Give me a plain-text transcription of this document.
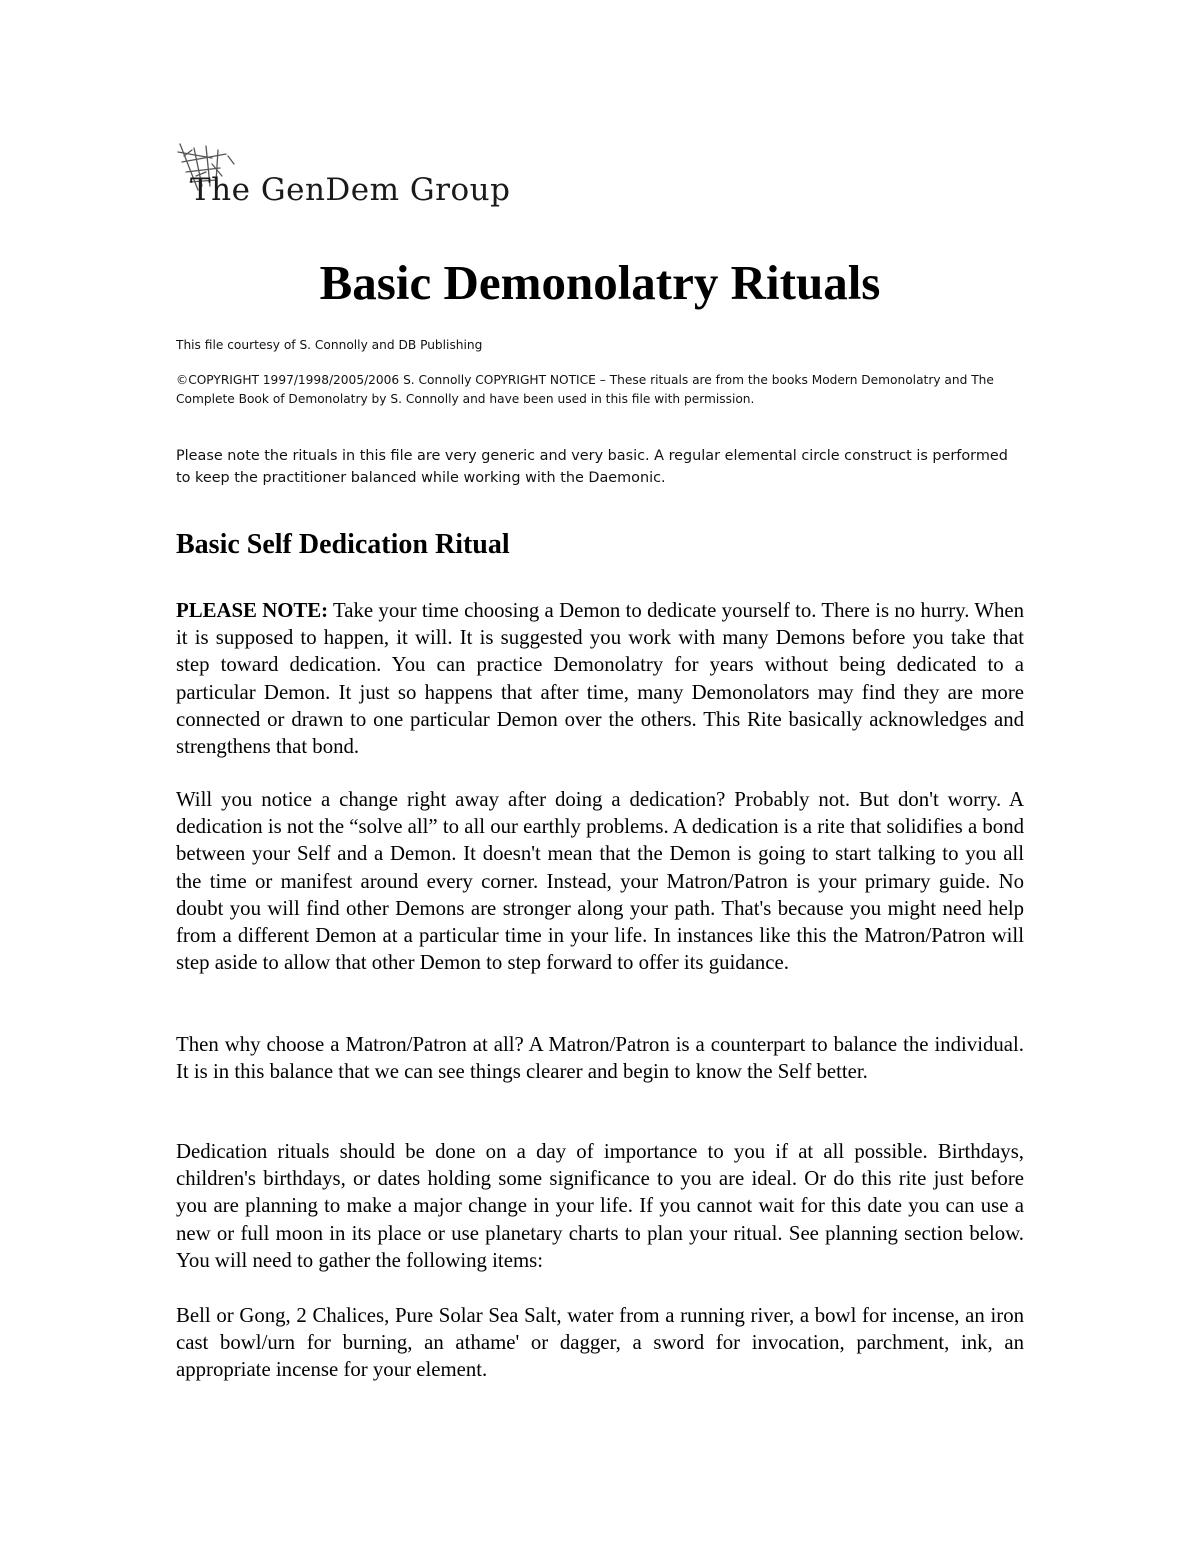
The GenDem Group
Basic Demonolatry Rituals

This file courtesy of S. Connolly and DB Publishing

©COPYRIGHT 1997/1998/2005/2006 S. Connolly COPYRIGHT NOTICE – These rituals are from the books Modern Demonolatry and The Complete Book of Demonolatry by S. Connolly and have been used in this file with permission.

Please note the rituals in this file are very generic and very basic. A regular elemental circle construct is performed to keep the practitioner balanced while working with the Daemonic.

Basic Self Dedication Ritual

PLEASE NOTE: Take your time choosing a Demon to dedicate yourself to. There is no hurry. When it is supposed to happen, it will. It is suggested you work with many Demons before you take that step toward dedication. You can practice Demonolatry for years without being dedicated to a particular Demon. It just so happens that after time, many Demonolators may find they are more connected or drawn to one particular Demon over the others. This Rite basically acknowledges and strengthens that bond.

Will you notice a change right away after doing a dedication? Probably not. But don't worry. A dedication is not the “solve all” to all our earthly problems. A dedication is a rite that solidifies a bond between your Self and a Demon. It doesn't mean that the Demon is going to start talking to you all the time or manifest around every corner. Instead, your Matron/Patron is your primary guide. No doubt you will find other Demons are stronger along your path. That's because you might need help from a different Demon at a particular time in your life. In instances like this the Matron/Patron will step aside to allow that other Demon to step forward to offer its guidance.

Then why choose a Matron/Patron at all? A Matron/Patron is a counterpart to balance the individual. It is in this balance that we can see things clearer and begin to know the Self better.

Dedication rituals should be done on a day of importance to you if at all possible. Birthdays, children's birthdays, or dates holding some significance to you are ideal. Or do this rite just before you are planning to make a major change in your life. If you cannot wait for this date you can use a new or full moon in its place or use planetary charts to plan your ritual. See planning section below. You will need to gather the following items:

Bell or Gong, 2 Chalices, Pure Solar Sea Salt, water from a running river, a bowl for incense, an iron cast bowl/urn for burning, an athame' or dagger, a sword for invocation, parchment, ink, an appropriate incense for your element.
